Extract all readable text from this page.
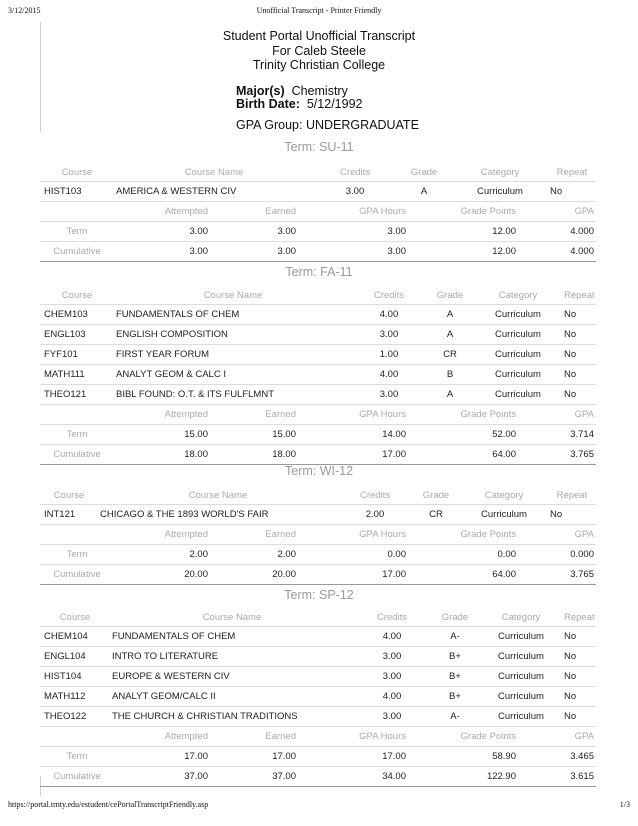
3/12/2015	Unofficial Transcript - Printer Friendly
Student Portal Unofficial Transcript
For Caleb Steele
Trinity Christian College
Major(s) Chemistry
Birth Date: 5/12/1992
GPA Group: UNDERGRADUATE
Term: SU-11
Course	Course Name	Credits	Grade	Category	Repeat
HIST103	AMERICA & WESTERN CIV	3.00	A	Curriculum	No
	Attempted	Earned	GPA Hours	Grade Points	GPA
Term	3.00	3.00	3.00	12.00	4.000
Cumulative	3.00	3.00	3.00	12.00	4.000
Term: FA-11
Course	Course Name	Credits	Grade	Category	Repeat
CHEM103	FUNDAMENTALS OF CHEM	4.00	A	Curriculum	No
ENGL103	ENGLISH COMPOSITION	3.00	A	Curriculum	No
FYF101	FIRST YEAR FORUM	1.00	CR	Curriculum	No
MATH111	ANALYT GEOM & CALC I	4.00	B	Curriculum	No
THEO121	BIBL FOUND: O.T. & ITS FULFLMNT	3.00	A	Curriculum	No
	Attempted	Earned	GPA Hours	Grade Points	GPA
Term	15.00	15.00	14.00	52.00	3.714
Cumulative	18.00	18.00	17.00	64.00	3.765
Term: WI-12
Course	Course Name	Credits	Grade	Category	Repeat
INT121	CHICAGO & THE 1893 WORLD'S FAIR	2.00	CR	Curriculum	No
	Attempted	Earned	GPA Hours	Grade Points	GPA
Term	2.00	2.00	0.00	0.00	0.000
Cumulative	20.00	20.00	17.00	64.00	3.765
Term: SP-12
Course	Course Name	Credits	Grade	Category	Repeat
CHEM104	FUNDAMENTALS OF CHEM	4.00	A-	Curriculum	No
ENGL104	INTRO TO LITERATURE	3.00	B+	Curriculum	No
HIST104	EUROPE & WESTERN CIV	3.00	B+	Curriculum	No
MATH112	ANALYT GEOM/CALC II	4.00	B+	Curriculum	No
THEO122	THE CHURCH & CHRISTIAN TRADITIONS	3.00	A-	Curriculum	No
	Attempted	Earned	GPA Hours	Grade Points	GPA
Term	17.00	17.00	17.00	58.90	3.465
Cumulative	37.00	37.00	34.00	122.90	3.615
https://portal.trnty.edu/estudent/cePortalTranscriptFriendly.asp	1/3
